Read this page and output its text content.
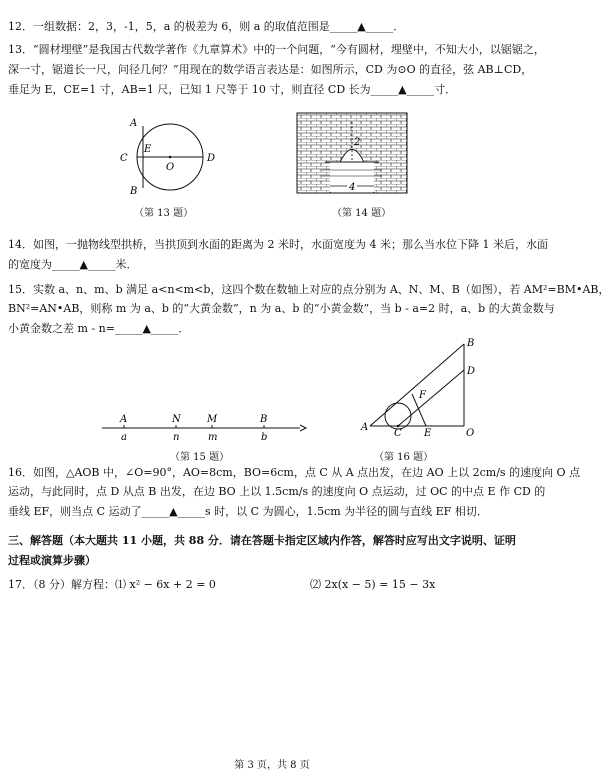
12．一组数据：2，3，-1，5，a 的极差为 6，则 a 的取值范围是_____▲_____．
13．“圆材埋壁”是我国古代数学著作《九章算术》中的一个问题，“今有圆材，埋壁中，不知大小，以锯锯之，
深一寸，锯道长一尺，问径几何？”用现在的数学语言表达是：如图所示，CD 为⊙O 的直径，弦 AB⊥CD，
垂足为 E，CE=1 寸，AB=1 尺，已知 1 尺等于 10 寸，则直径 CD 长为_____▲_____寸．
A
B
C	D
E
O
（第 13 题）
2
4
（第 14 题）
14．如图，一抛物线型拱桥，当拱顶到水面的距离为 2 米时，水面宽度为 4 米；那么当水位下降 1 米后，水面
的宽度为_____▲_____米．
15．实数 a、n、m、b 满足 a<n<m<b，这四个数在数轴上对应的点分别为 A、N、M、B（如图），若 AM²=BM•AB，
BN²=AN•AB，则称 m 为 a、b 的“大黄金数”，n 为 a、b 的“小黄金数”，当 b - a=2 时，a、b 的大黄金数与
小黄金数之差 m - n=_____▲_____．
A	N	M	B
a	n	m	b
（第 15 题）
A
B
C
D
E
F
O
（第 16 题）
16．如图，△AOB 中，∠O=90°，AO=8cm，BO=6cm，点 C 从 A 点出发，在边 AO 上以 2cm/s 的速度向 O 点
运动，与此同时，点 D 从点 B 出发，在边 BO 上以 1.5cm/s 的速度向 O 点运动，过 OC 的中点 E 作 CD 的
垂线 EF，则当点 C 运动了_____▲_____s 时，以 C 为圆心，1.5cm 为半径的圆与直线 EF 相切．
三、解答题（本大题共 11 小题，共 88 分．请在答题卡指定区域内作答，解答时应写出文字说明、证明
过程或演算步骤）
17．（8 分）解方程：⑴ x² − 6x + 2 = 0	⑵ 2x(x − 5) = 15 − 3x
第 3 页，共 8 页
